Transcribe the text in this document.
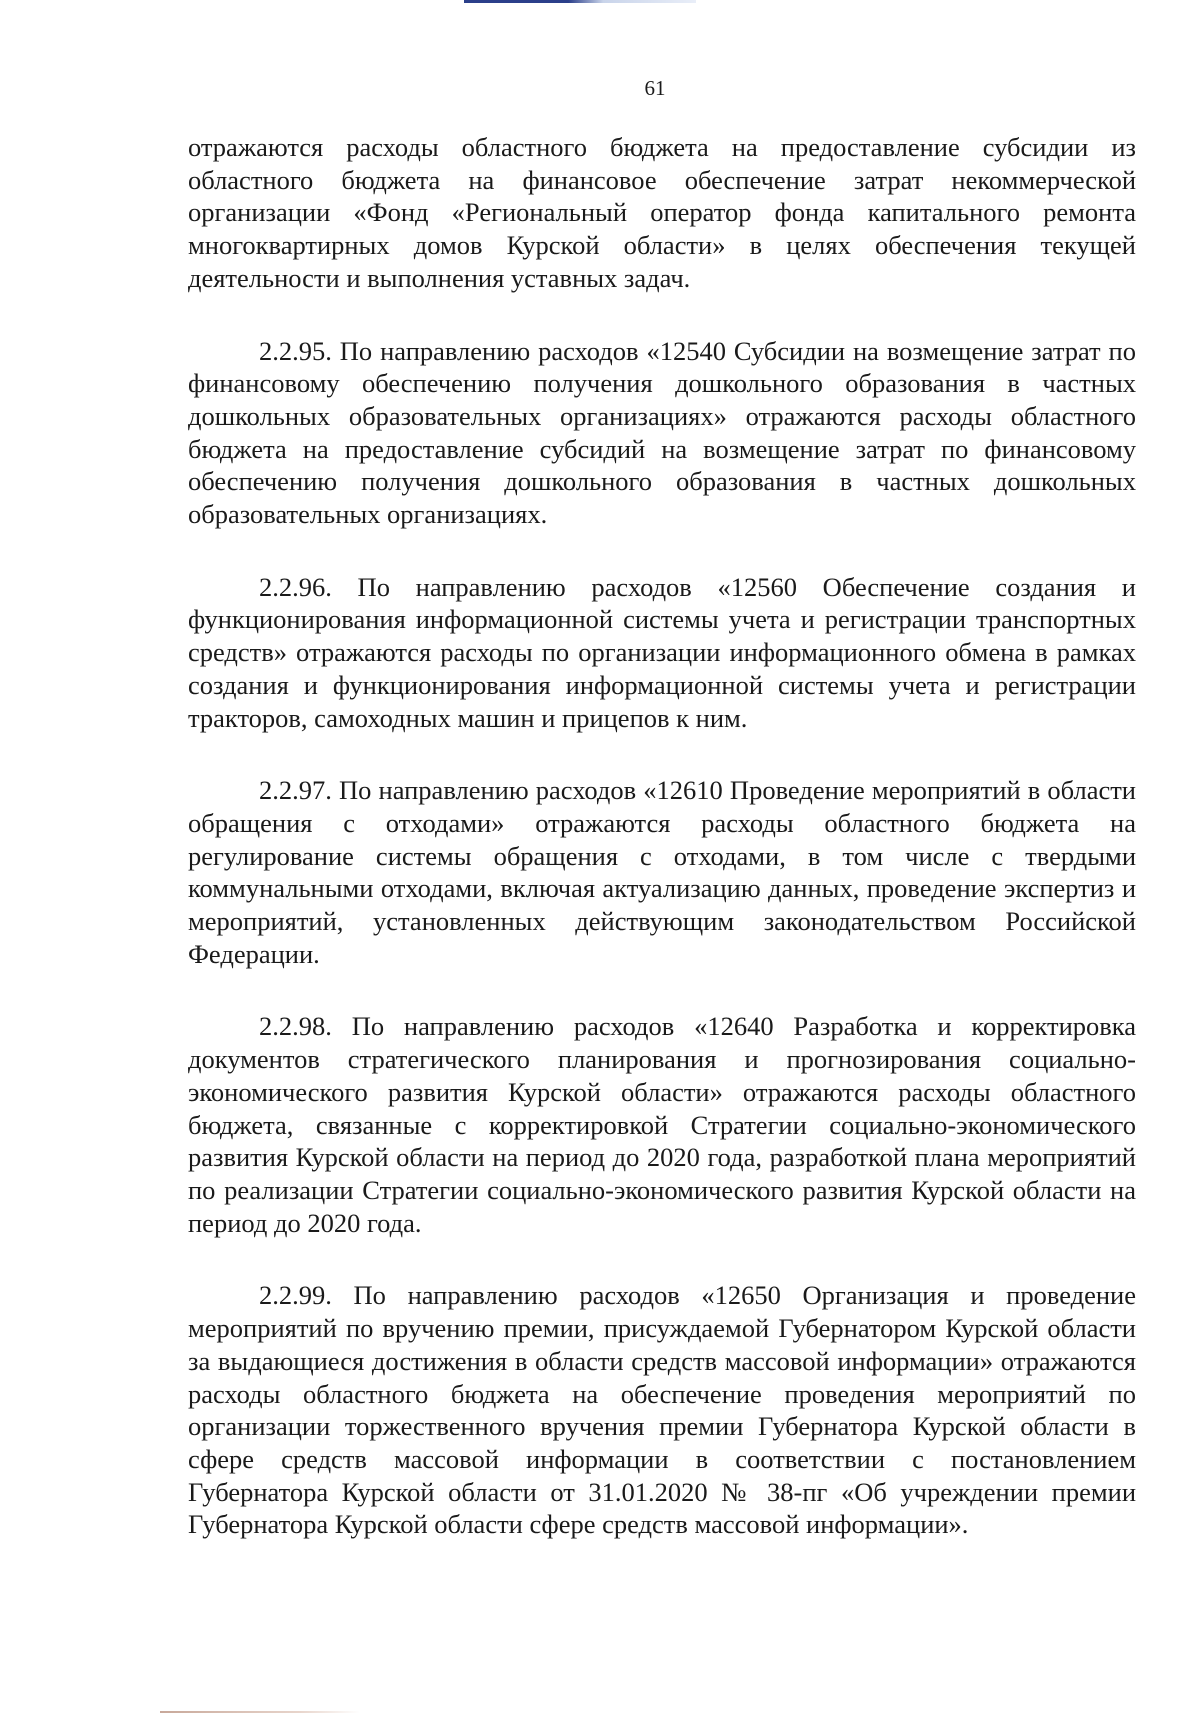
61

отражаются расходы областного бюджета на предоставление субсидии из областного бюджета на финансовое обеспечение затрат некоммерческой организации «Фонд «Региональный оператор фонда капитального ремонта многоквартирных домов Курской области» в целях обеспечения текущей деятельности и выполнения уставных задач.

2.2.95. По направлению расходов «12540 Субсидии на возмещение затрат по финансовому обеспечению получения дошкольного образования в частных дошкольных образовательных организациях» отражаются расходы областного бюджета на предоставление субсидий на возмещение затрат по финансовому обеспечению получения дошкольного образования в частных дошкольных образовательных организациях.

2.2.96. По направлению расходов «12560 Обеспечение создания и функционирования информационной системы учета и регистрации транспортных средств» отражаются расходы по организации информационного обмена в рамках создания и функционирования информационной системы учета и регистрации тракторов, самоходных машин и прицепов к ним.

2.2.97. По направлению расходов «12610 Проведение мероприятий в области обращения с отходами» отражаются расходы областного бюджета на регулирование системы обращения с отходами, в том числе с твердыми коммунальными отходами, включая актуализацию данных, проведение экспертиз и мероприятий, установленных действующим законодательством Российской Федерации.

2.2.98. По направлению расходов «12640 Разработка и корректировка документов стратегического планирования и прогнозирования социально-экономического развития Курской области» отражаются расходы областного бюджета, связанные с корректировкой Стратегии социально-экономического развития Курской области на период до 2020 года, разработкой плана мероприятий по реализации Стратегии социально-экономического развития Курской области на период до 2020 года.

2.2.99. По направлению расходов «12650 Организация и проведение мероприятий по вручению премии, присуждаемой Губернатором Курской области за выдающиеся достижения в области средств массовой информации» отражаются расходы областного бюджета на обеспечение проведения мероприятий по организации торжественного вручения премии Губернатора Курской области в сфере средств массовой информации в соответствии с постановлением Губернатора Курской области от 31.01.2020 № 38-пг «Об учреждении премии Губернатора Курской области сфере средств массовой информации».
